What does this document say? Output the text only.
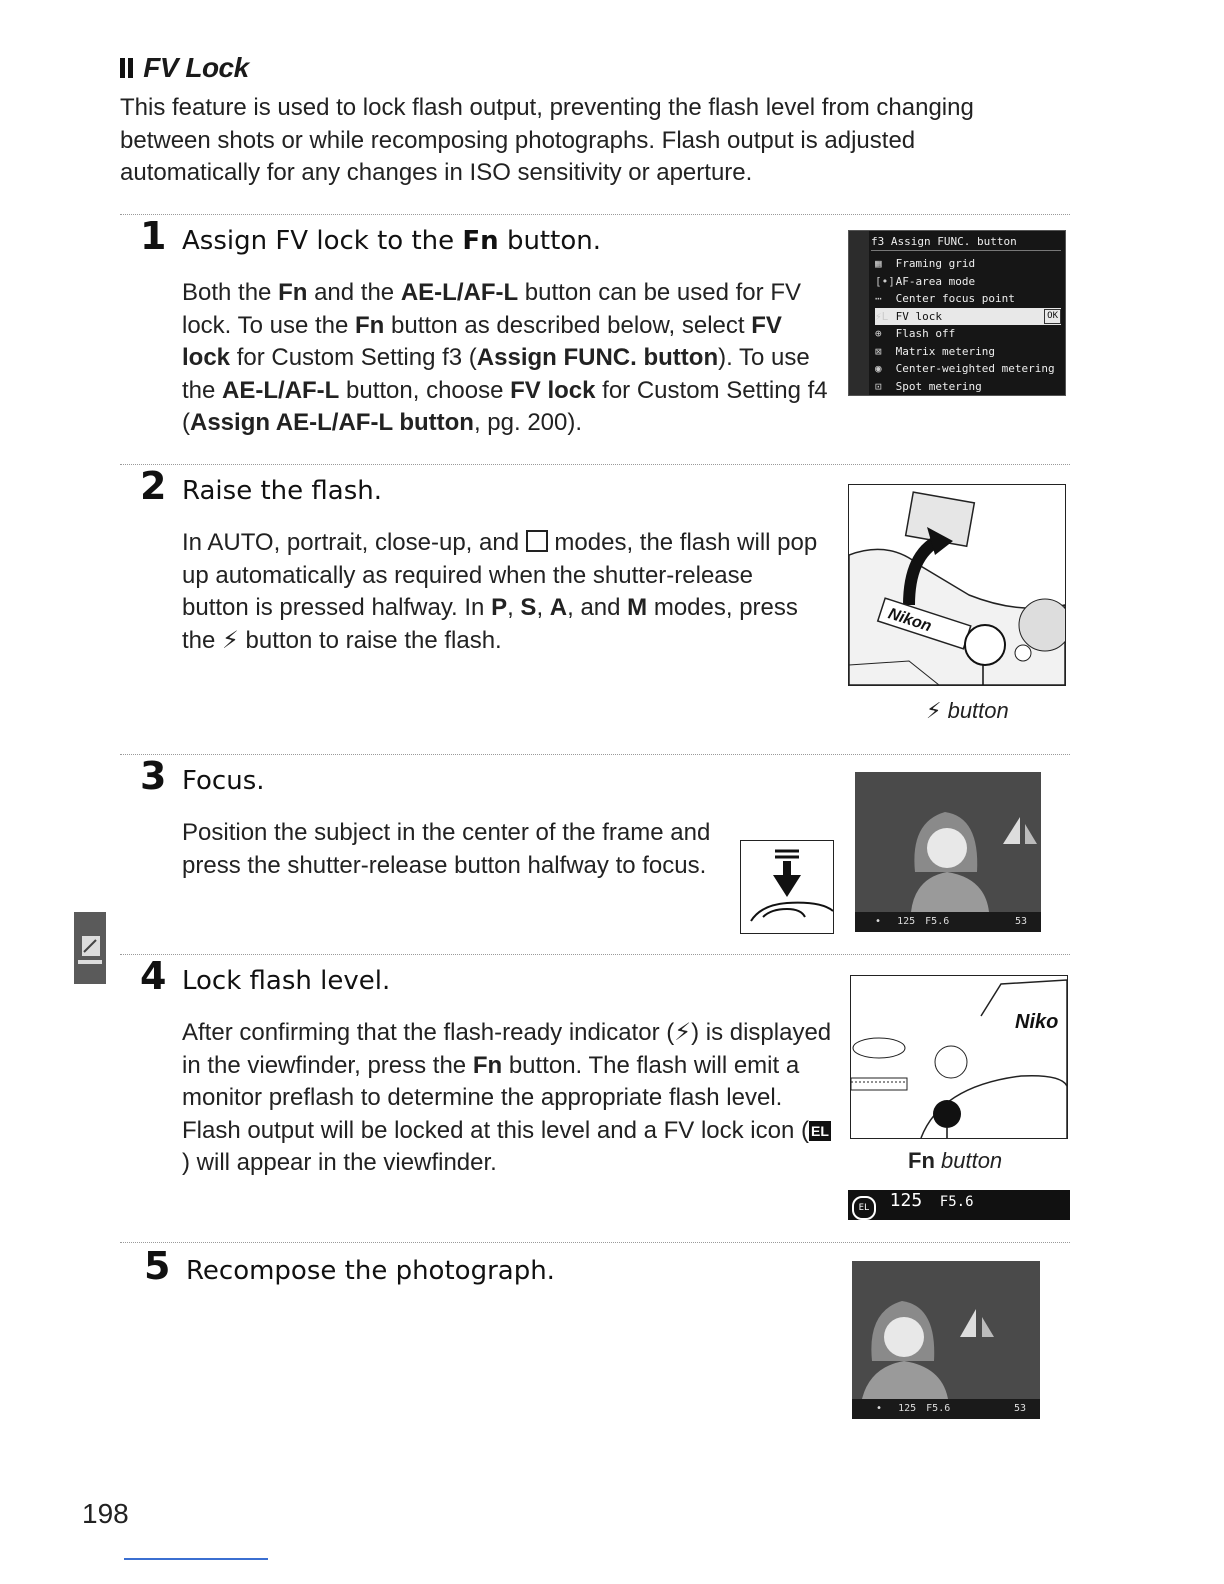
FV Lock
This feature is used to lock flash output, preventing the flash level from changing between shots or while recomposing photographs. Flash output is adjusted automatically for any changes in ISO sensitivity or aperture.
1 Assign FV lock to the Fn button.
Both the Fn and the AE-L/AF-L button can be used for FV lock. To use the Fn button as described below, select FV lock for Custom Setting f3 (Assign FUNC. button). To use the AE-L/AF-L button, choose FV lock for Custom Setting f4 (Assign AE-L/AF-L button, pg. 200).
f3 Assign FUNC. button
▦ Framing grid
[•] AF-area mode
⋯ Center focus point
⚡L FV lock	OK
⊕ Flash off
⊠ Matrix metering
◉ Center-weighted metering
⊡ Spot metering
2 Raise the flash.
In AUTO, portrait, close-up, and  modes, the flash will pop up automatically as required when the shutter-release button is pressed halfway. In P, S, A, and M modes, press the ⚡ button to raise the flash.
Nikon
⚡ button
3 Focus.
Position the subject in the center of the frame and press the shutter-release button halfway to focus.
• 125 F5.6	53
4 Lock flash level.
After confirming that the flash-ready indicator (⚡) is displayed in the viewfinder, press the Fn button. The flash will emit a monitor preflash to determine the appropriate flash level. Flash output will be locked at this level and a FV lock icon ( EL) will appear in the viewfinder.
Niko
Fn button
EL 125 F5.6
5 Recompose the photograph.
• 125 F5.6	53
198
